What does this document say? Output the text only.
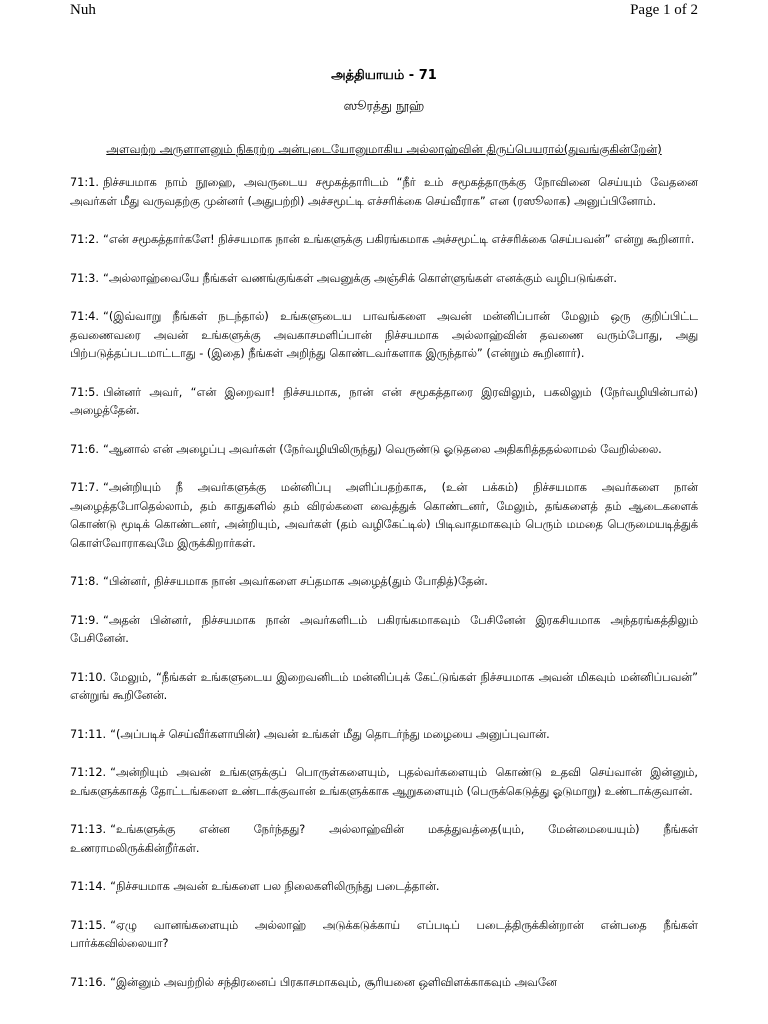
Nuh	Page 1 of 2
அத்தியாயம் - 71
ஸூரத்து நூஹ்
அளவற்ற அருளாளனும் நிகரற்ற அன்புடையோனுமாகிய அல்லாஹ்வின் திருப்பெயரால்(துவங்குகின்றேன்)

71:1. நிச்சயமாக நாம் நூஹை, அவருடைய சமூகத்தாரிடம் “நீர் உம் சமூகத்தாருக்கு நோவினை செய்யும் வேதனை அவர்கள் மீது வருவதற்கு முன்னர் (அதுபற்றி) அச்சமூட்டி எச்சரிக்கை செய்வீராக” என (ரஸூலாக) அனுப்பினோம்.

71:2. “என் சமூகத்தார்களே! நிச்சயமாக நான் உங்களுக்கு பகிரங்கமாக அச்சமூட்டி எச்சரிக்கை செய்பவன்” என்று கூறினார்.

71:3. “அல்லாஹ்வையே நீங்கள் வணங்குங்கள் அவனுக்கு அஞ்சிக் கொள்ளுங்கள் எனக்கும் வழிபடுங்கள்.

71:4. “(இவ்வாறு நீங்கள் நடந்தால்) உங்களுடைய பாவங்களை அவன் மன்னிப்பான் மேலும் ஒரு குறிப்பிட்ட தவணைவரை அவன் உங்களுக்கு அவகாசமளிப்பான் நிச்சயமாக அல்லாஹ்வின் தவணை வரும்போது, அது பிற்படுத்தப்படமாட்டாது - (இதை) நீங்கள் அறிந்து கொண்டவர்களாக இருந்தால்” (என்றும் கூறினார்).

71:5. பின்னர் அவர், “என் இறைவா! நிச்சயமாக, நான் என் சமூகத்தாரை இரவிலும், பகலிலும் (நேர்வழியின்பால்) அழைத்தேன்.

71:6. “ஆனால் என் அழைப்பு அவர்கள் (நேர்வழியிலிருந்து) வெருண்டு ஓடுதலை அதிகரித்ததல்லாமல் வேறில்லை.

71:7. “அன்றியும் நீ அவர்களுக்கு மன்னிப்பு அளிப்பதற்காக, (உன் பக்கம்) நிச்சயமாக அவர்களை நான் அழைத்தபோதெல்லாம், தம் காதுகளில் தம் விரல்களை வைத்துக் கொண்டனர், மேலும், தங்களைத் தம் ஆடைகளைக் கொண்டு மூடிக் கொண்டனர், அன்றியும், அவர்கள் (தம் வழிகேட்டில்) பிடிவாதமாகவும் பெரும் மமதை பெருமையடித்துக் கொள்வோராகவுமே இருக்கிறார்கள்.

71:8. “பின்னர், நிச்சயமாக நான் அவர்களை சப்தமாக அழைத்(தும் போதித்)தேன்.

71:9. “அதன் பின்னர், நிச்சயமாக நான் அவர்களிடம் பகிரங்கமாகவும் பேசினேன் இரகசியமாக அந்தரங்கத்திலும் பேசினேன்.

71:10. மேலும், “நீங்கள் உங்களுடைய இறைவனிடம் மன்னிப்புக் கேட்டுங்கள் நிச்சயமாக அவன் மிகவும் மன்னிப்பவன்” என்றுங் கூறினேன்.

71:11. “(அப்படிச் செய்வீர்களாயின்) அவன் உங்கள் மீது தொடர்ந்து மழையை அனுப்புவான்.

71:12. “அன்றியும் அவன் உங்களுக்குப் பொருள்களையும், புதல்வர்களையும் கொண்டு உதவி செய்வான் இன்னும், உங்களுக்காகத் தோட்டங்களை உண்டாக்குவான் உங்களுக்காக ஆறுகளையும் (பெருக்கெடுத்து ஓடுமாறு) உண்டாக்குவான்.

71:13. “உங்களுக்கு என்ன நேர்ந்தது? அல்லாஹ்வின் மகத்துவத்தை(யும், மேன்மையையும்) நீங்கள் உணராமலிருக்கின்றீர்கள்.

71:14. “நிச்சயமாக அவன் உங்களை பல நிலைகளிலிருந்து படைத்தான்.

71:15. “ஏழு வானங்களையும் அல்லாஹ் அடுக்கடுக்காய் எப்படிப் படைத்திருக்கின்றான் என்பதை நீங்கள் பார்க்கவில்லையா?

71:16. “இன்னும் அவற்றில் சந்திரனைப் பிரகாசமாகவும், சூரியனை ஒளிவிளக்காகவும் அவனே
